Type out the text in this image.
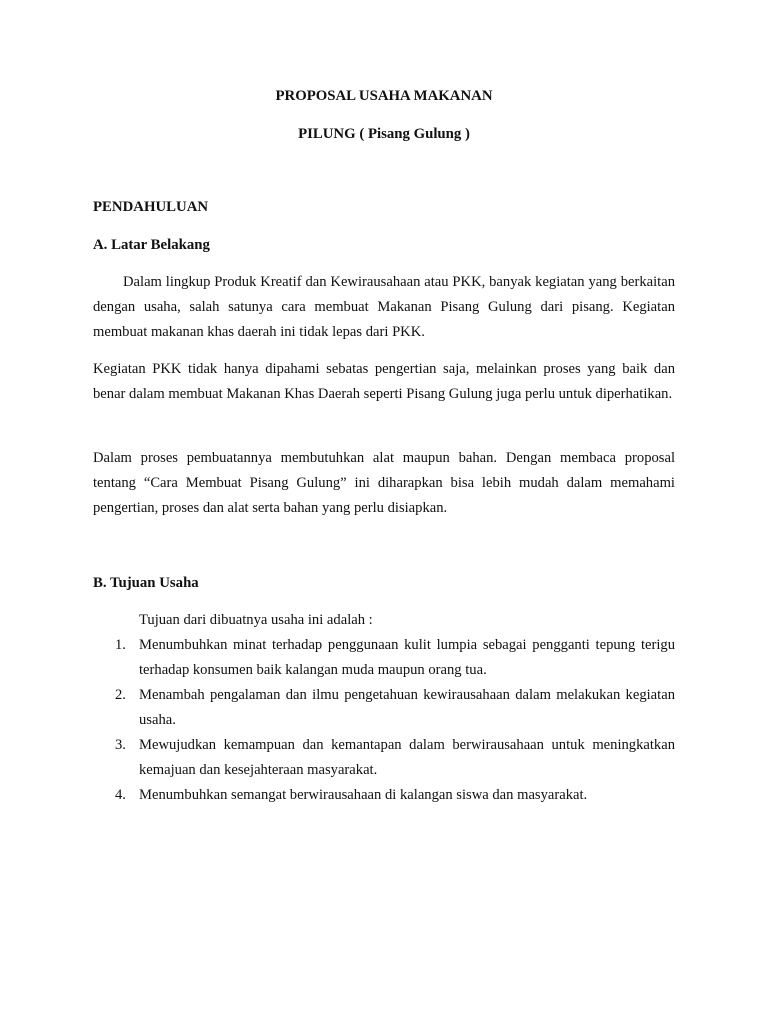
PROPOSAL USAHA MAKANAN
PILUNG ( Pisang Gulung )
PENDAHULUAN
A. Latar Belakang

Dalam lingkup Produk Kreatif dan Kewirausahaan atau PKK, banyak kegiatan yang berkaitan dengan usaha, salah satunya cara membuat Makanan Pisang Gulung dari pisang. Kegiatan membuat makanan khas daerah ini tidak lepas dari PKK.

Kegiatan PKK tidak hanya dipahami sebatas pengertian saja, melainkan proses yang baik dan benar dalam membuat Makanan Khas Daerah seperti Pisang Gulung juga perlu untuk diperhatikan.

Dalam proses pembuatannya membutuhkan alat maupun bahan. Dengan membaca proposal tentang “Cara Membuat Pisang Gulung” ini diharapkan bisa lebih mudah dalam memahami pengertian, proses dan alat serta bahan yang perlu disiapkan.

B. Tujuan Usaha

Tujuan dari dibuatnya usaha ini adalah :

1. Menumbuhkan minat terhadap penggunaan kulit lumpia sebagai pengganti tepung terigu terhadap konsumen baik kalangan muda maupun orang tua.
2. Menambah pengalaman dan ilmu pengetahuan kewirausahaan dalam melakukan kegiatan usaha.
3. Mewujudkan kemampuan dan kemantapan dalam berwirausahaan untuk meningkatkan kemajuan dan kesejahteraan masyarakat.
4. Menumbuhkan semangat berwirausahaan di kalangan siswa dan masyarakat.
